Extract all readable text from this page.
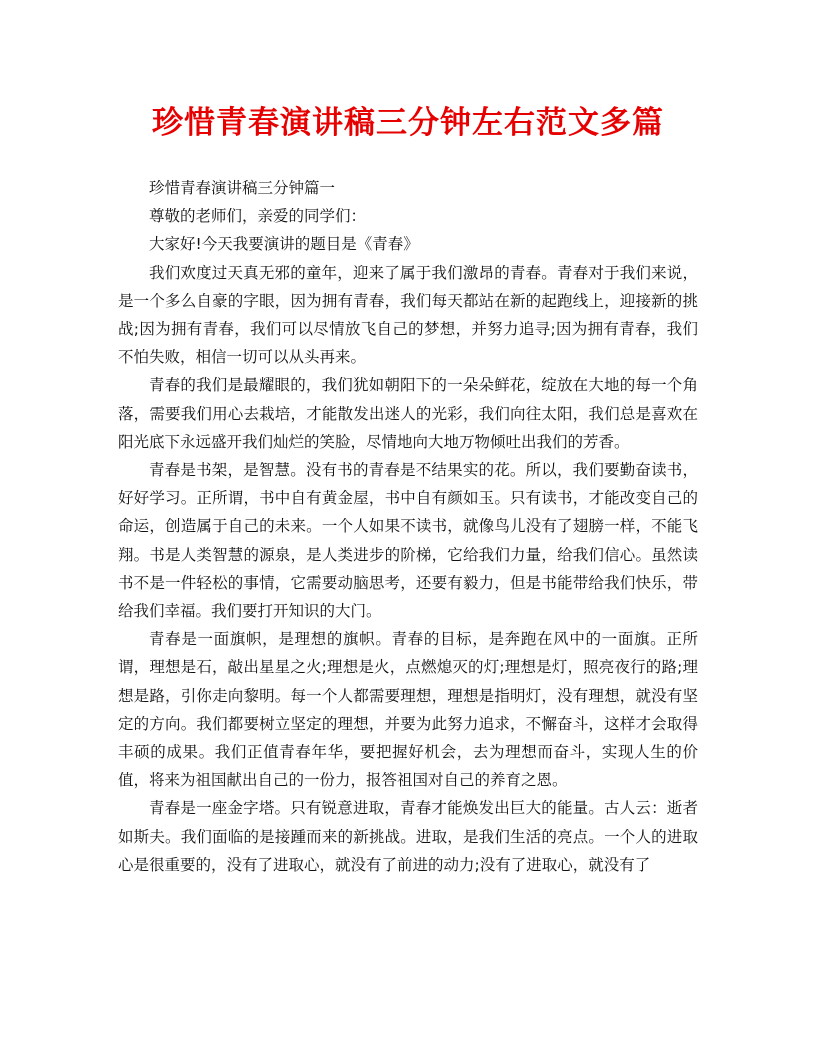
珍惜青春演讲稿三分钟左右范文多篇

珍惜青春演讲稿三分钟篇一

尊敬的老师们，亲爱的同学们：

大家好!今天我要演讲的题目是《青春》

我们欢度过天真无邪的童年，迎来了属于我们激昂的青春。青春对于我们来说，是一个多么自豪的字眼，因为拥有青春，我们每天都站在新的起跑线上，迎接新的挑战;因为拥有青春，我们可以尽情放飞自己的梦想，并努力追寻;因为拥有青春，我们不怕失败，相信一切可以从头再来。

青春的我们是最耀眼的，我们犹如朝阳下的一朵朵鲜花，绽放在大地的每一个角落，需要我们用心去栽培，才能散发出迷人的光彩，我们向往太阳，我们总是喜欢在阳光底下永远盛开我们灿烂的笑脸，尽情地向大地万物倾吐出我们的芳香。

青春是书架，是智慧。没有书的青春是不结果实的花。所以，我们要勤奋读书，好好学习。正所谓，书中自有黄金屋，书中自有颜如玉。只有读书，才能改变自己的命运，创造属于自己的未来。一个人如果不读书，就像鸟儿没有了翅膀一样，不能飞翔。书是人类智慧的源泉，是人类进步的阶梯，它给我们力量，给我们信心。虽然读书不是一件轻松的事情，它需要动脑思考，还要有毅力，但是书能带给我们快乐，带给我们幸福。我们要打开知识的大门。

青春是一面旗帜，是理想的旗帜。青春的目标，是奔跑在风中的一面旗。正所谓，理想是石，敲出星星之火;理想是火，点燃熄灭的灯;理想是灯，照亮夜行的路;理想是路，引你走向黎明。每一个人都需要理想，理想是指明灯，没有理想，就没有坚定的方向。我们都要树立坚定的理想，并要为此努力追求，不懈奋斗，这样才会取得丰硕的成果。我们正值青春年华，要把握好机会，去为理想而奋斗，实现人生的价值，将来为祖国献出自己的一份力，报答祖国对自己的养育之恩。

青春是一座金字塔。只有锐意进取，青春才能焕发出巨大的能量。古人云：逝者如斯夫。我们面临的是接踵而来的新挑战。进取，是我们生活的亮点。一个人的进取心是很重要的，没有了进取心，就没有了前进的动力;没有了进取心，就没有了
